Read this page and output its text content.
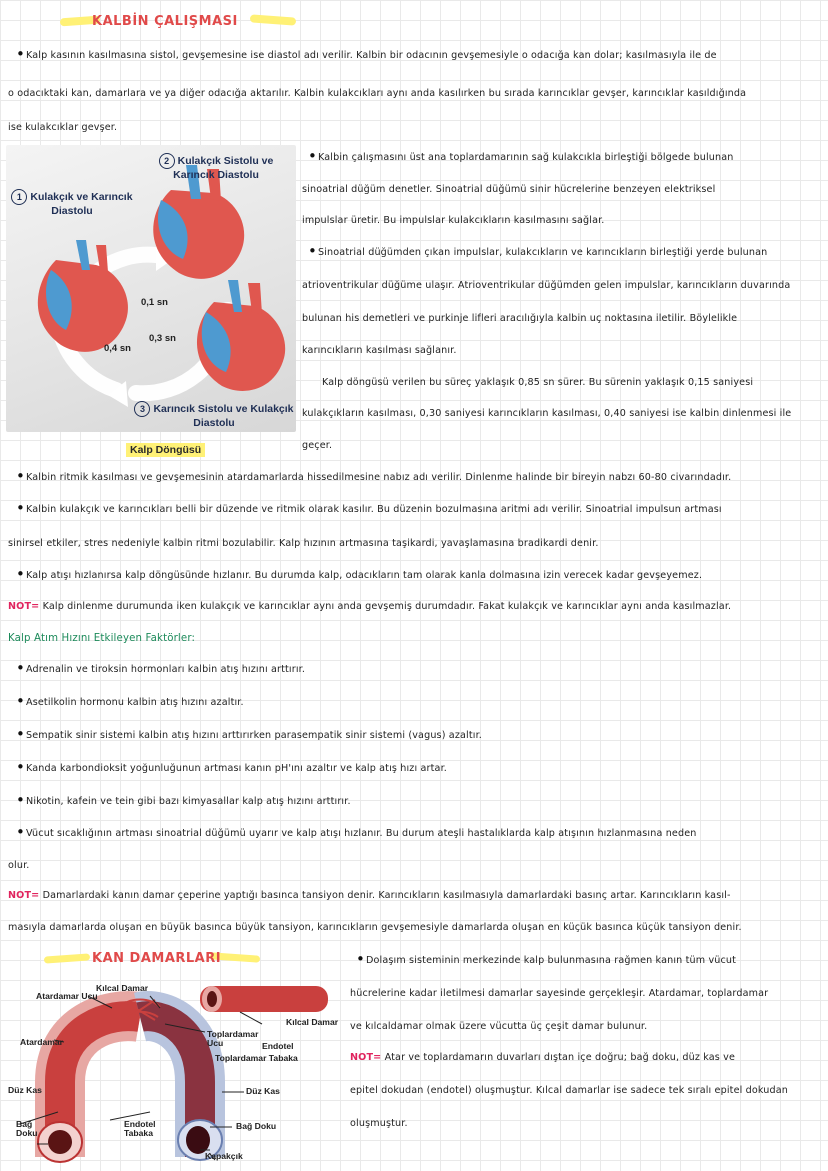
KALBİN ÇALIŞMASI
Kalp kasının kasılmasına sistol, gevşemesine ise diastol adı verilir. Kalbin bir odacının gevşemesiyle o odacığa kan dolar; kasılmasıyla ile de
o odacıktaki kan, damarlara ve ya diğer odacığa aktarılır. Kalbin kulakcıkları aynı anda kasılırken bu sırada karıncıklar gevşer, karıncıklar kasıldığında
ise kulakcıklar gevşer.
1 Kulakçık ve Karıncık Diastolu
2 Kulakçık Sistolu ve Karıncık Diastolu
3 Karıncık Sistolu ve Kulakçık Diastolu
0,1 sn
0,3 sn
0,4 sn
Kalp Döngüsü
Kalbin çalışmasını üst ana toplardamarının sağ kulakcıkla birleştiği bölgede bulunan
sinoatrial düğüm denetler. Sinoatrial düğümü sinir hücrelerine benzeyen elektriksel
impulslar üretir. Bu impulslar kulakcıkların kasılmasını sağlar.
Sinoatrial düğümden çıkan impulslar, kulakcıkların ve karıncıkların birleştiği yerde bulunan
atrioventrikular düğüme ulaşır. Atrioventrikular düğümden gelen impulslar, karıncıkların duvarında
bulunan his demetleri ve purkinje lifleri aracılığıyla kalbin uç noktasına iletilir. Böylelikle
karıncıkların kasılması sağlanır.
Kalp döngüsü verilen bu süreç yaklaşık 0,85 sn sürer. Bu sürenin yaklaşık 0,15 saniyesi
kulakçıkların kasılması, 0,30 saniyesi karıncıkların kasılması, 0,40 saniyesi ise kalbin dinlenmesi ile
geçer.
Kalbin ritmik kasılması ve gevşemesinin atardamarlarda hissedilmesine nabız adı verilir. Dinlenme halinde bir bireyin nabzı 60-80 civarındadır.
Kalbin kulakçık ve karıncıkları belli bir düzende ve ritmik olarak kasılır. Bu düzenin bozulmasına aritmi adı verilir. Sinoatrial impulsun artması
sinirsel etkiler, stres nedeniyle kalbin ritmi bozulabilir. Kalp hızının artmasına taşikardi, yavaşlamasına bradikardi denir.
Kalp atışı hızlanırsa kalp döngüsünde hızlanır. Bu durumda kalp, odacıkların tam olarak kanla dolmasına izin verecek kadar gevşeyemez.
NOT= Kalp dinlenme durumunda iken kulakçık ve karıncıklar aynı anda gevşemiş durumdadır. Fakat kulakçık ve karıncıklar aynı anda kasılmazlar.
Kalp Atım Hızını Etkileyen Faktörler:
Adrenalin ve tiroksin hormonları kalbin atış hızını arttırır.
Asetilkolin hormonu kalbin atış hızını azaltır.
Sempatik sinir sistemi kalbin atış hızını arttırırken parasempatik sinir sistemi (vagus) azaltır.
Kanda karbondioksit yoğunluğunun artması kanın pH'ını azaltır ve kalp atış hızı artar.
Nikotin, kafein ve tein gibi bazı kimyasallar kalp atış hızını arttırır.
Vücut sıcaklığının artması sinoatrial düğümü uyarır ve kalp atışı hızlanır. Bu durum ateşli hastalıklarda kalp atışının hızlanmasına neden
olur.
NOT= Damarlardaki kanın damar çeperine yaptığı basınca tansiyon denir. Karıncıkların kasılmasıyla damarlardaki basınç artar. Karıncıkların kasıl-
masıyla damarlarda oluşan en büyük basınca büyük tansiyon, karıncıkların gevşemesiyle damarlarda oluşan en küçük basınca küçük tansiyon denir.
KAN DAMARLARI
Atardamar Ucu
Kılcal Damar
Atardamar
Toplardamar Ucu
Kılcal Damar
Endotel
Toplardamar Tabaka
Düz Kas	Düz Kas
Bağ Doku
Endotel Tabaka
Bağ Doku
Kapakçık
Dolaşım sisteminin merkezinde kalp bulunmasına rağmen kanın tüm vücut
hücrelerine kadar iletilmesi damarlar sayesinde gerçekleşir. Atardamar, toplardamar
ve kılcaldamar olmak üzere vücutta üç çeşit damar bulunur.
NOT= Atar ve toplardamarın duvarları dıştan içe doğru; bağ doku, düz kas ve
epitel dokudan (endotel) oluşmuştur. Kılcal damarlar ise sadece tek sıralı epitel dokudan
oluşmuştur.
